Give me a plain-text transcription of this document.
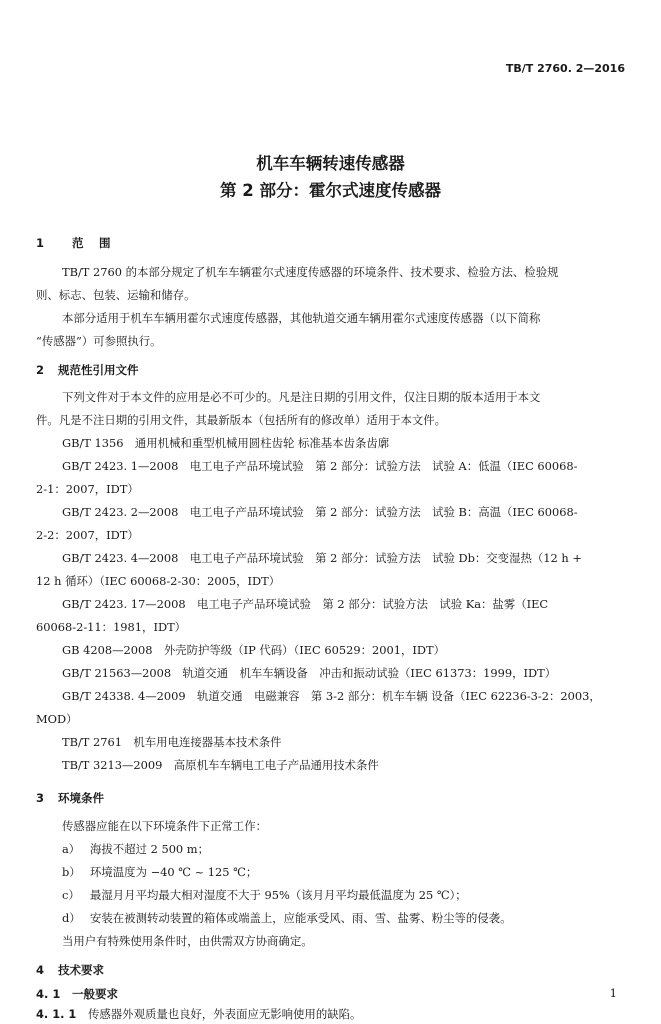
TB/T 2760. 2—2016
机车车辆转速传感器
第 2 部分：霍尔式速度传感器
1 范　 围
TB/T 2760 的本部分规定了机车车辆霍尔式速度传感器的环境条件、技术要求、检验方法、检验规
则、标志、包装、运输和储存。
本部分适用于机车车辆用霍尔式速度传感器，其他轨道交通车辆用霍尔式速度传感器（以下简称
“传感器”）可参照执行。
2 规范性引用文件
下列文件对于本文件的应用是必不可少的。凡是注日期的引用文件，仅注日期的版本适用于本文
件。凡是不注日期的引用文件，其最新版本（包括所有的修改单）适用于本文件。
GB/T 1356　通用机械和重型机械用圆柱齿轮 标准基本齿条齿廓
GB/T 2423. 1—2008　电工电子产品环境试验　第 2 部分：试验方法　试验 A：低温（IEC 60068-
2-1：2007，IDT）
GB/T 2423. 2—2008　电工电子产品环境试验　第 2 部分：试验方法　试验 B：高温（IEC 60068-
2-2：2007，IDT）
GB/T 2423. 4—2008　电工电子产品环境试验　第 2 部分：试验方法　试验 Db：交变湿热（12 h +
12 h 循环）（IEC 60068-2-30：2005，IDT）
GB/T 2423. 17—2008　电工电子产品环境试验　第 2 部分：试验方法　试验 Ka：盐雾（IEC
60068-2-11：1981，IDT）
GB 4208—2008　外壳防护等级（IP 代码）（IEC 60529：2001，IDT）
GB/T 21563—2008　轨道交通　机车车辆设备　冲击和振动试验（IEC 61373：1999，IDT）
GB/T 24338. 4—2009　轨道交通　电磁兼容　第 3-2 部分：机车车辆 设备（IEC 62236-3-2：2003，
MOD）
TB/T 2761　机车用电连接器基本技术条件
TB/T 3213—2009　高原机车车辆电工电子产品通用技术条件
3 环境条件
传感器应能在以下环境条件下正常工作：
a） 海拔不超过 2 500 m；
b） 环境温度为 −40 ℃ ~ 125 ℃；
c） 最湿月月平均最大相对湿度不大于 95%（该月月平均最低温度为 25 ℃）；
d） 安装在被测转动装置的箱体或端盖上，应能承受风、雨、雪、盐雾、粉尘等的侵袭。
当用户有特殊使用条件时，由供需双方协商确定。
4 技术要求
4. 1 一般要求
4. 1. 1 传感器外观质量也良好，外表面应无影响使用的缺陷。
1
